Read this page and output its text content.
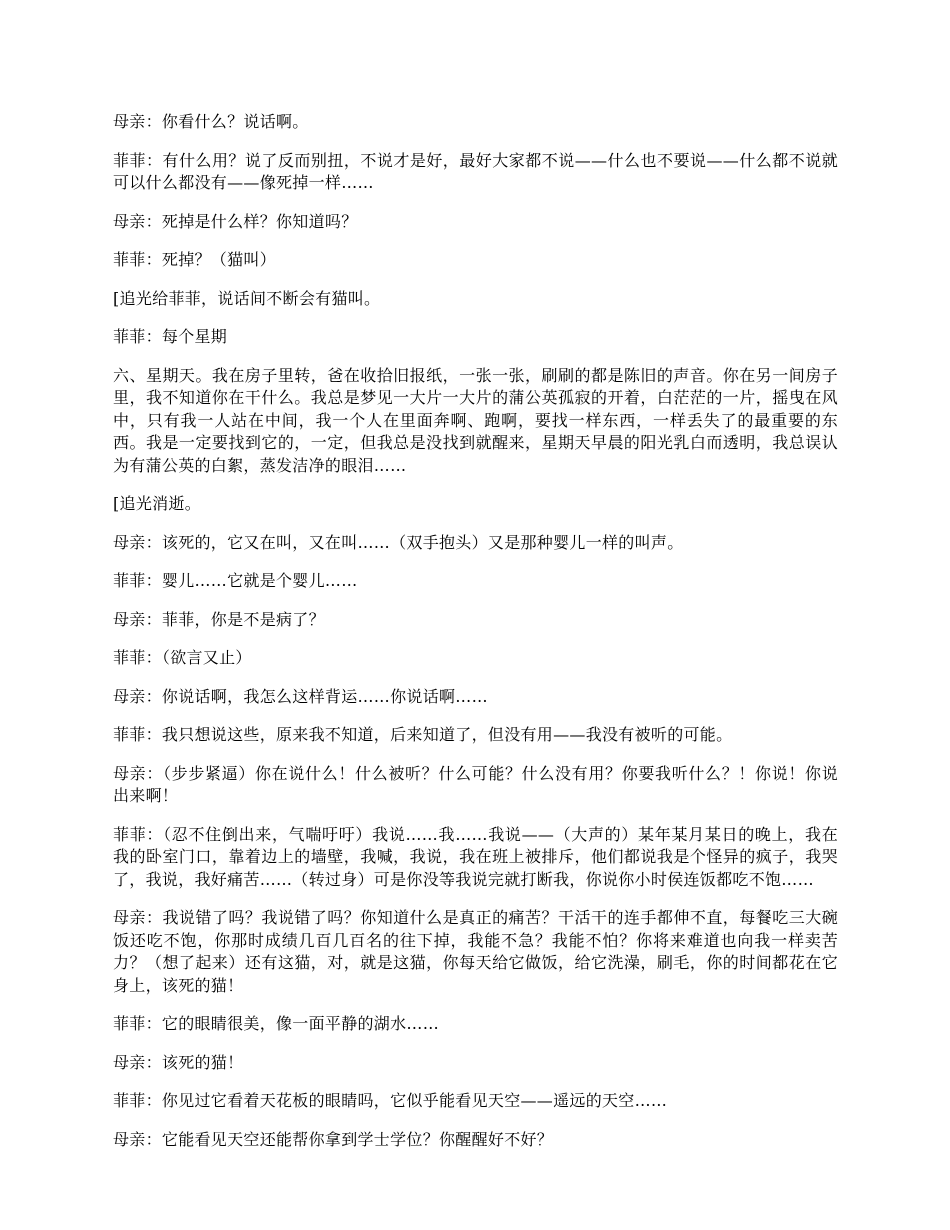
母亲：你看什么？说话啊。

菲菲：有什么用？说了反而别扭，不说才是好，最好大家都不说——什么也不要说——什么都不说就可以什么都没有——像死掉一样……

母亲：死掉是什么样？你知道吗？

菲菲：死掉？（猫叫）

[追光给菲菲，说话间不断会有猫叫。

菲菲：每个星期

六、星期天。我在房子里转，爸在收拾旧报纸，一张一张，刷刷的都是陈旧的声音。你在另一间房子里，我不知道你在干什么。我总是梦见一大片一大片的蒲公英孤寂的开着，白茫茫的一片，摇曳在风中，只有我一人站在中间，我一个人在里面奔啊、跑啊，要找一样东西，一样丢失了的最重要的东西。我是一定要找到它的，一定，但我总是没找到就醒来，星期天早晨的阳光乳白而透明，我总误认为有蒲公英的白絮，蒸发洁净的眼泪……

[追光消逝。

母亲：该死的，它又在叫，又在叫……（双手抱头）又是那种婴儿一样的叫声。

菲菲：婴儿……它就是个婴儿……

母亲：菲菲，你是不是病了？

菲菲：（欲言又止）

母亲：你说话啊，我怎么这样背运……你说话啊……

菲菲：我只想说这些，原来我不知道，后来知道了，但没有用——我没有被听的可能。

母亲：（步步紧逼）你在说什么！什么被听？什么可能？什么没有用？你要我听什么？！你说！你说出来啊！

菲菲：（忍不住倒出来，气喘吁吁）我说……我……我说——（大声的）某年某月某日的晚上，我在我的卧室门口，靠着边上的墙壁，我喊，我说，我在班上被排斥，他们都说我是个怪异的疯子，我哭了，我说，我好痛苦……（转过身）可是你没等我说完就打断我，你说你小时侯连饭都吃不饱……

母亲：我说错了吗？我说错了吗？你知道什么是真正的痛苦？干活干的连手都伸不直，每餐吃三大碗饭还吃不饱，你那时成绩几百几百名的往下掉，我能不急？我能不怕？你将来难道也向我一样卖苦力？（想了起来）还有这猫，对，就是这猫，你每天给它做饭，给它洗澡，刷毛，你的时间都花在它身上，该死的猫！

菲菲：它的眼睛很美，像一面平静的湖水……

母亲：该死的猫！

菲菲：你见过它看着天花板的眼睛吗，它似乎能看见天空——遥远的天空……

母亲：它能看见天空还能帮你拿到学士学位？你醒醒好不好？
